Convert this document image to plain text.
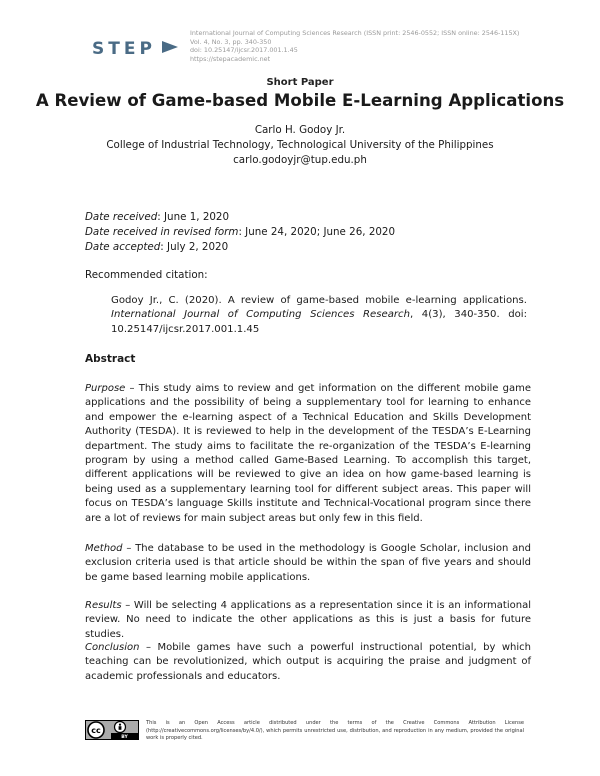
STEP
International Journal of Computing Sciences Research (ISSN print: 2546-0552; ISSN online: 2546-115X)
Vol. 4, No. 3, pp. 340-350
doi: 10.25147/ijcsr.2017.001.1.45
https://stepacademic.net
Short Paper
A Review of Game-based Mobile E-Learning Applications
Carlo H. Godoy Jr.
College of Industrial Technology, Technological University of the Philippines
carlo.godoyjr@tup.edu.ph
Date received: June 1, 2020
Date received in revised form: June 24, 2020; June 26, 2020
Date accepted: July 2, 2020
Recommended citation:
Godoy Jr., C. (2020). A review of game-based mobile e-learning applications. International Journal of Computing Sciences Research, 4(3), 340-350. doi: 10.25147/ijcsr.2017.001.1.45
Abstract
Purpose – This study aims to review and get information on the different mobile game applications and the possibility of being a supplementary tool for learning to enhance and empower the e-learning aspect of a Technical Education and Skills Development Authority (TESDA). It is reviewed to help in the development of the TESDA’s E-Learning department. The study aims to facilitate the re-organization of the TESDA’s E-learning program by using a method called Game-Based Learning. To accomplish this target, different applications will be reviewed to give an idea on how game-based learning is being used as a supplementary learning tool for different subject areas. This paper will focus on TESDA’s language Skills institute and Technical-Vocational program since there are a lot of reviews for main subject areas but only few in this field.
Method – The database to be used in the methodology is Google Scholar, inclusion and exclusion criteria used is that article should be within the span of five years and should be game based learning mobile applications.
Results – Will be selecting 4 applications as a representation since it is an informational review. No need to indicate the other applications as this is just a basis for future studies.
Conclusion – Mobile games have such a powerful instructional potential, by which teaching can be revolutionized, which output is acquiring the praise and judgment of academic professionals and educators.
cc
BY
This is an Open Access article distributed under the terms of the Creative Commons Attribution License (http://creativecommons.org/licenses/by/4.0/), which permits unrestricted use, distribution, and reproduction in any medium, provided the original work is properly cited.
